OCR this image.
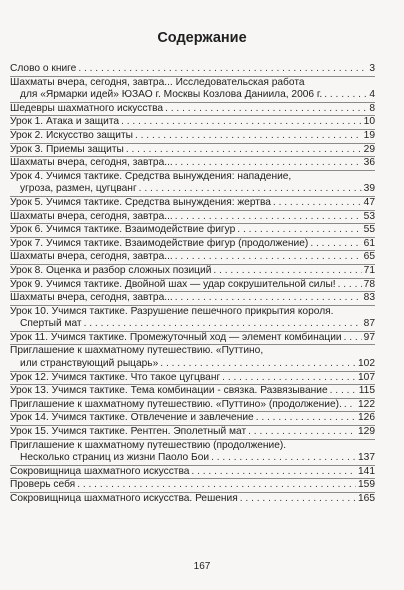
Содержание
Слово о книге . . .	3
Шахматы вчера, сегодня, завтра... Исследовательская работа
для «Ярмарки идей» ЮЗАО г. Москвы Козлова Даниила, 2006 г. . . .	4
Шедевры шахматного искусства . . .	8
Урок 1. Атака и защита . . .	10
Урок 2. Искусство защиты . . .	19
Урок 3. Приемы защиты . . .	29
Шахматы вчера, сегодня, завтра... . . .	36
Урок 4. Учимся тактике. Средства вынуждения: нападение,
угроза, размен, цугцванг . . .	39
Урок 5. Учимся тактике. Средства вынуждения: жертва . . .	47
Шахматы вчера, сегодня, завтра... . . .	53
Урок 6. Учимся тактике. Взаимодействие фигур . . .	55
Урок 7. Учимся тактике. Взаимодействие фигур (продолжение) . . .	61
Шахматы вчера, сегодня, завтра... . . .	65
Урок 8. Оценка и разбор сложных позиций . . .	71
Урок 9. Учимся тактике. Двойной шах — удар сокрушительной силы! . . .	78
Шахматы вчера, сегодня, завтра... . . .	83
Урок 10. Учимся тактике. Разрушение пешечного прикрытия короля.
Спертый мат . . .	87
Урок 11. Учимся тактике. Промежуточный ход — элемент комбинации . . . 97
Приглашение к шахматному путешествию. «Путтино,
или странствующий рыцарь» . . .	102
Урок 12. Учимся тактике. Что такое цугцванг . . .	107
Урок 13. Учимся тактике. Тема комбинации - связка. Развязывание . . .	115
Приглашение к шахматному путешествию. «Путтино» (продолжение). . . . 122
Урок 14. Учимся тактике. Отвлечение и завлечение . . .	126
Урок 15. Учимся тактике. Рентген. Эполетный мат . . .	129
Приглашение к шахматному путешествию (продолжение).
Несколько страниц из жизни Паоло Бои . . .	137
Сокровищница шахматного искусства . . .	141
Проверь себя . . .	159
Сокровищница шахматного искусства. Решения . . .	165
167
